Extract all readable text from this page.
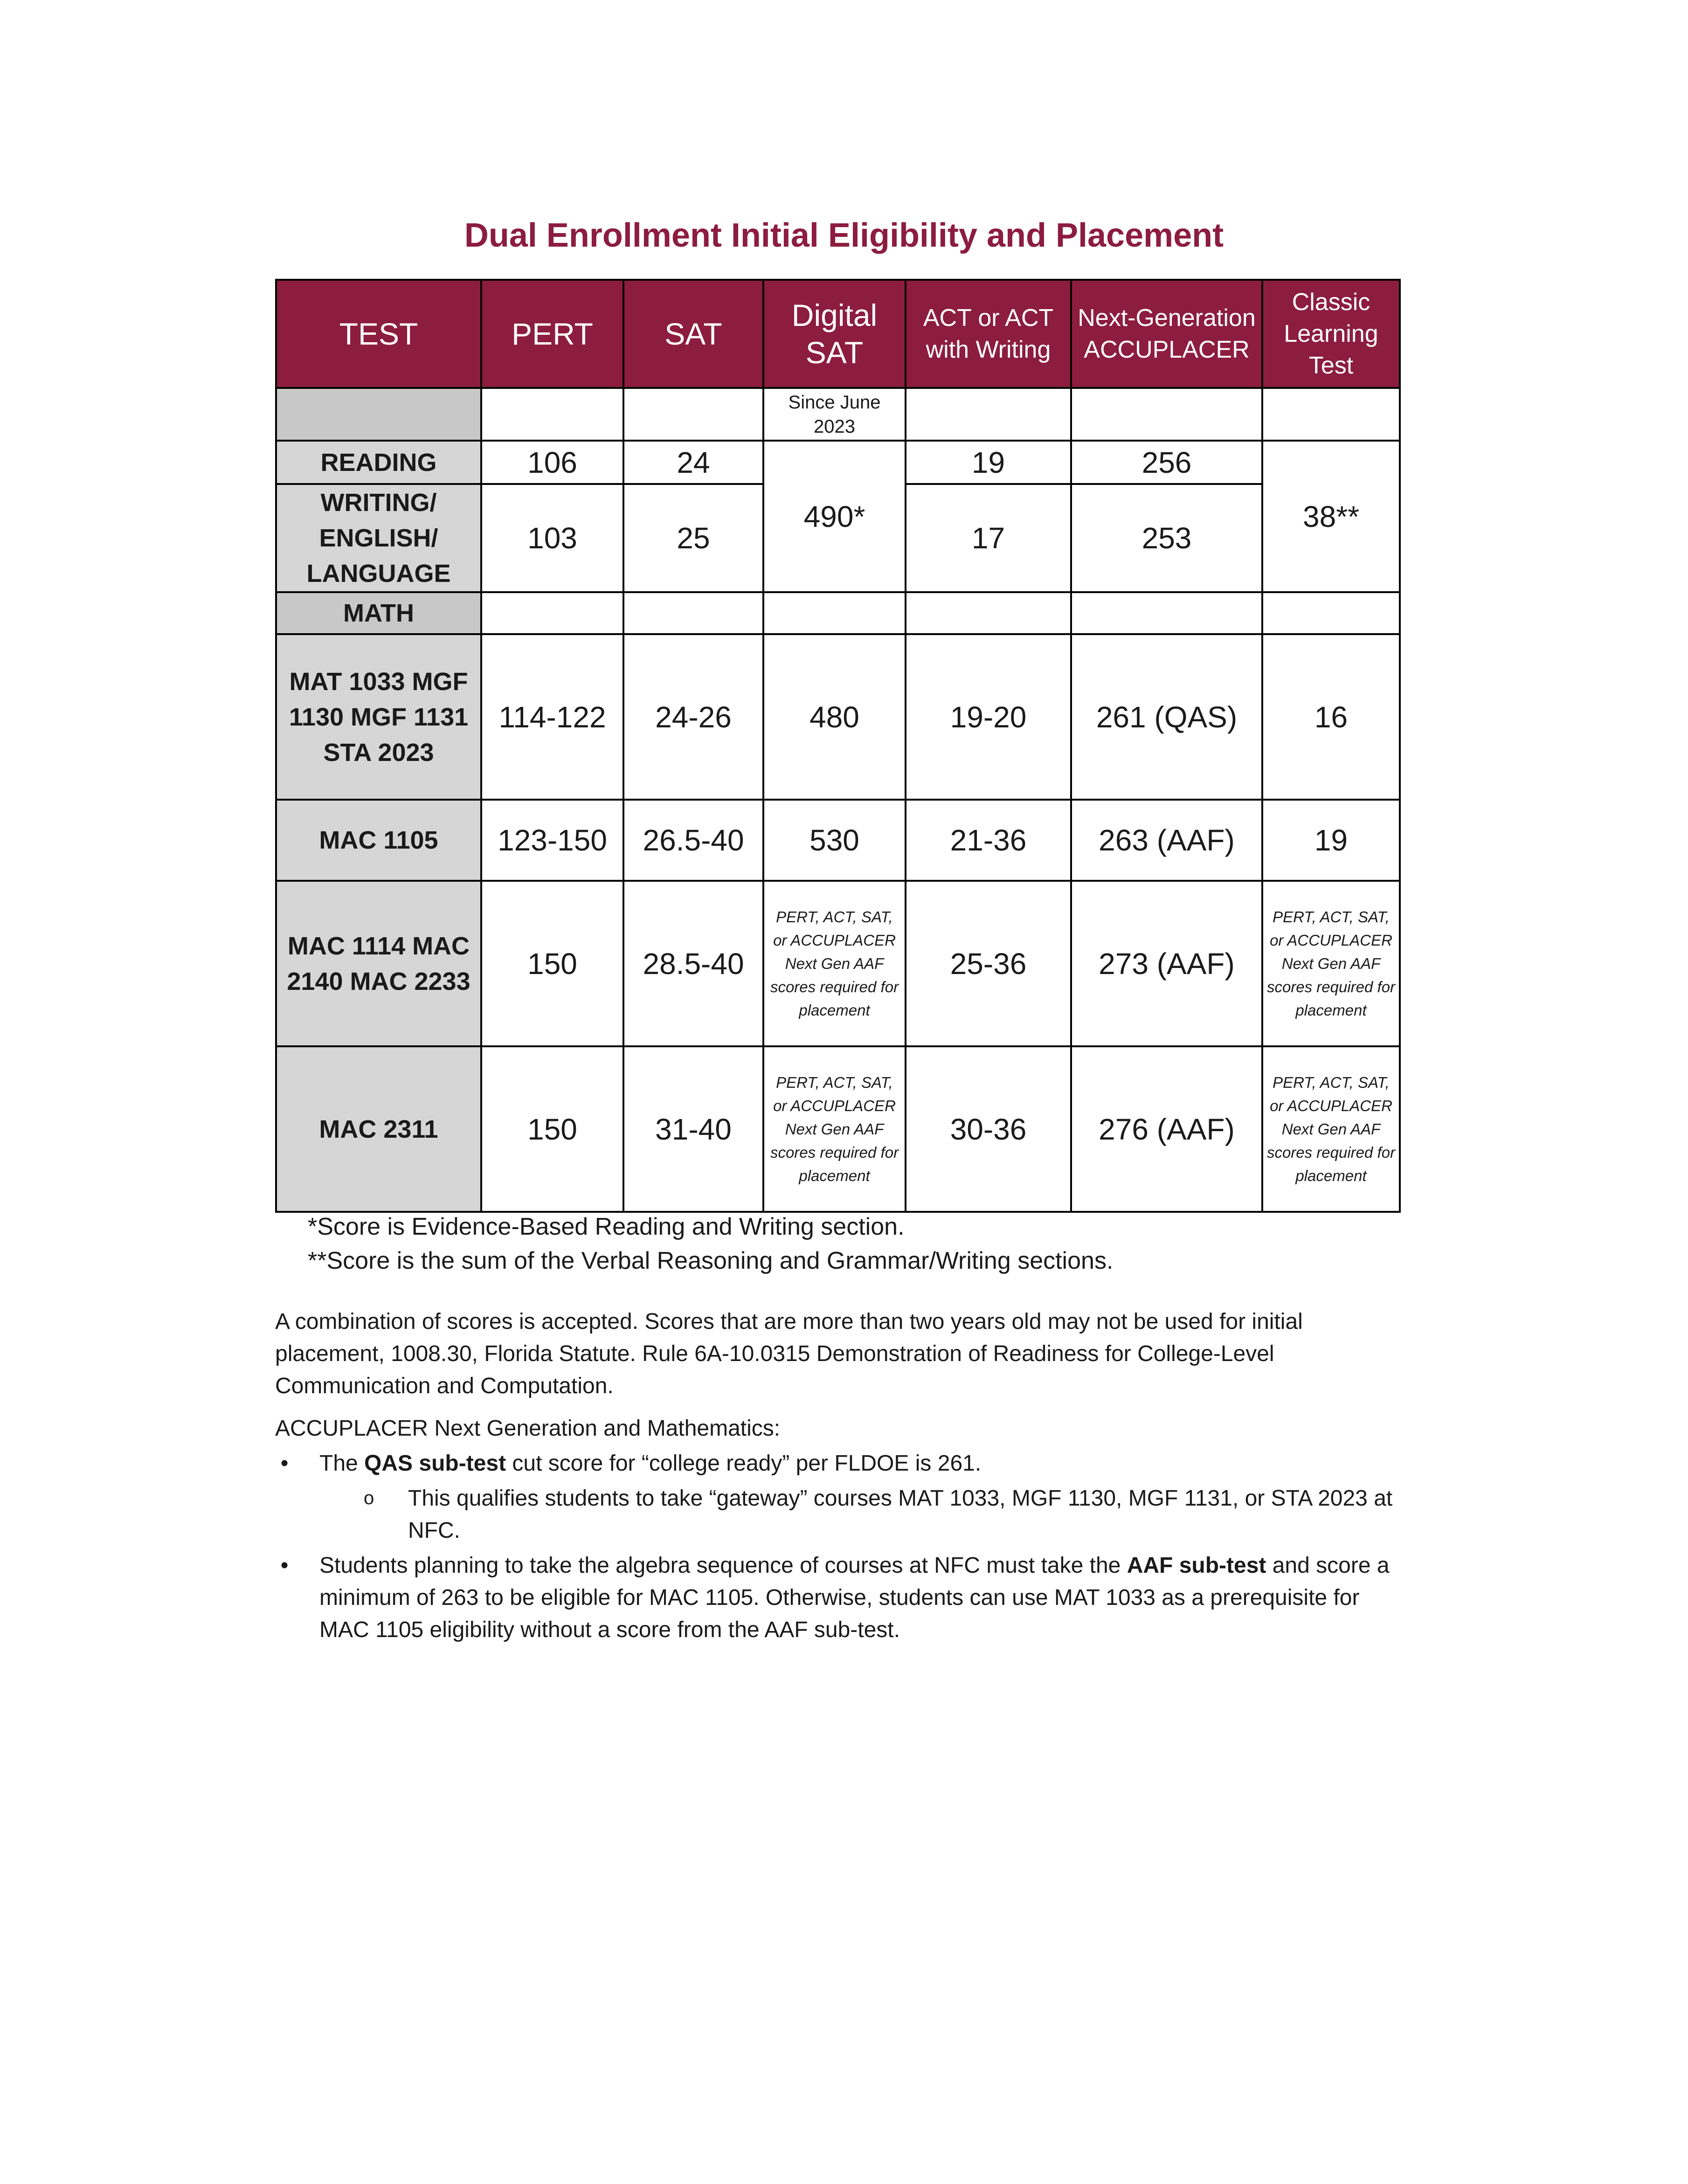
Dual Enrollment Initial Eligibility and Placement
TEST	PERT	SAT	Digital SAT	ACT or ACT with Writing	Next-Generation ACCUPLACER	Classic Learning Test
			Since June 2023			
READING	106	24	490*	19	256	38**
WRITING/ ENGLISH/ LANGUAGE	103	25		17	253	
MATH						
MAT 1033 MGF 1130 MGF 1131 STA 2023	114-122	24-26	480	19-20	261 (QAS)	16
MAC 1105	123-150	26.5-40	530	21-36	263 (AAF)	19
MAC 1114 MAC 2140 MAC 2233	150	28.5-40	PERT, ACT, SAT, or ACCUPLACER Next Gen AAF scores required for placement	25-36	273 (AAF)	PERT, ACT, SAT, or ACCUPLACER Next Gen AAF scores required for placement
MAC 2311	150	31-40	PERT, ACT, SAT, or ACCUPLACER Next Gen AAF scores required for placement	30-36	276 (AAF)	PERT, ACT, SAT, or ACCUPLACER Next Gen AAF scores required for placement
*Score is Evidence-Based Reading and Writing section.
**Score is the sum of the Verbal Reasoning and Grammar/Writing sections.

A combination of scores is accepted. Scores that are more than two years old may not be used for initial placement, 1008.30, Florida Statute. Rule 6A-10.0315 Demonstration of Readiness for College-Level Communication and Computation.

ACCUPLACER Next Generation and Mathematics:

• The QAS sub-test cut score for “college ready” per FLDOE is 261.
o This qualifies students to take “gateway” courses MAT 1033, MGF 1130, MGF 1131, or STA 2023 at NFC.
• Students planning to take the algebra sequence of courses at NFC must take the AAF sub-test and score a minimum of 263 to be eligible for MAC 1105. Otherwise, students can use MAT 1033 as a prerequisite for MAC 1105 eligibility without a score from the AAF sub-test.
